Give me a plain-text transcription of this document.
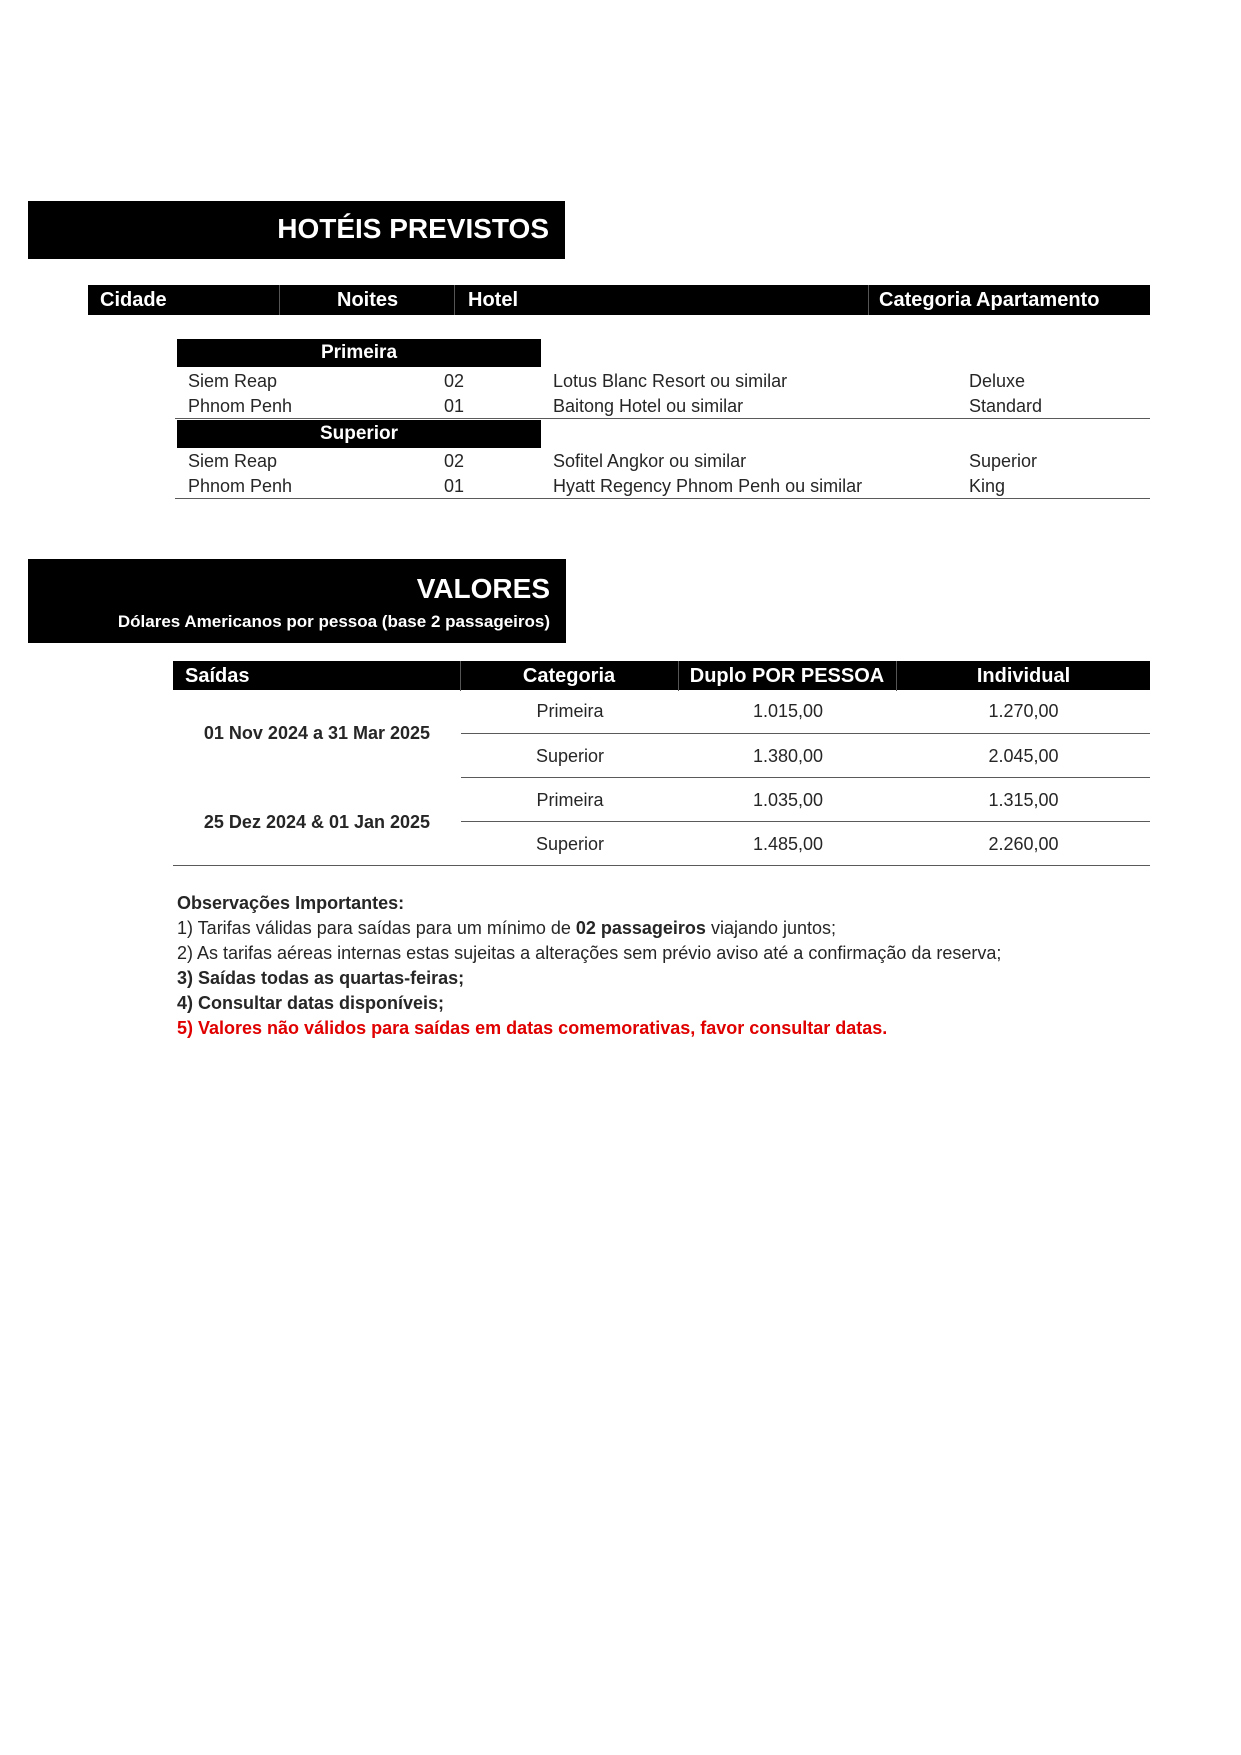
HOTÉIS PREVISTOS
Cidade	Noites	Hotel	Categoria Apartamento
Primeira
Siem Reap	02	Lotus Blanc Resort ou similar	Deluxe
Phnom Penh	01	Baitong Hotel ou similar	Standard
Superior
Siem Reap	02	Sofitel Angkor ou similar	Superior
Phnom Penh	01	Hyatt Regency Phnom Penh ou similar	King
VALORES
Dólares Americanos por pessoa (base 2 passageiros)
Saídas	Categoria	Duplo POR PESSOA	Individual
01 Nov 2024 a 31 Mar 2025
Primeira	1.015,00	1.270,00
Superior	1.380,00	2.045,00
25 Dez 2024 & 01 Jan 2025
Primeira	1.035,00	1.315,00
Superior	1.485,00	2.260,00
Observações Importantes:
1) Tarifas válidas para saídas para um mínimo de 02 passageiros viajando juntos;
2) As tarifas aéreas internas estas sujeitas a alterações sem prévio aviso até a confirmação da reserva;
3) Saídas todas as quartas-feiras;
4) Consultar datas disponíveis;
5) Valores não válidos para saídas em datas comemorativas, favor consultar datas.
